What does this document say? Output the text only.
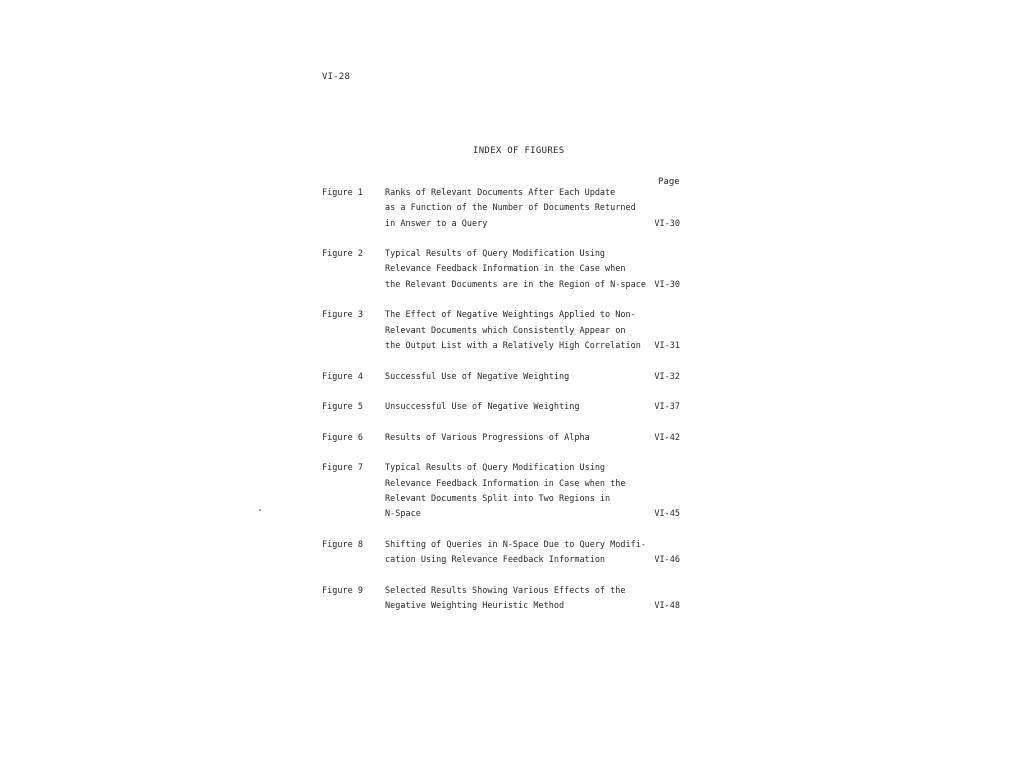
VI-28
INDEX OF FIGURES
Page
Figure 1	Ranks of Relevant Documents After Each Update
as a Function of the Number of Documents Returned
in Answer to a Query	VI-30
Figure 2	Typical Results of Query Modification Using
Relevance Feedback Information in the Case when
the Relevant Documents are in the Region of N-space VI-30
Figure 3	The Effect of Negative Weightings Applied to Non-
Relevant Documents which Consistently Appear on
the Output List with a Relatively High Correlation	VI-31
Figure 4	Successful Use of Negative Weighting	VI-32
Figure 5	Unsuccessful Use of Negative Weighting	VI-37
Figure 6	Results of Various Progressions of Alpha	VI-42
Figure 7	Typical Results of Query Modification Using
Relevance Feedback Information in Case when the
Relevant Documents Split into Two Regions in
N-Space	VI-45
Figure 8	Shifting of Queries in N-Space Due to Query Modifi-
cation Using Relevance Feedback Information	VI-46
Figure 9	Selected Results Showing Various Effects of the
Negative Weighting Heuristic Method	VI-48
